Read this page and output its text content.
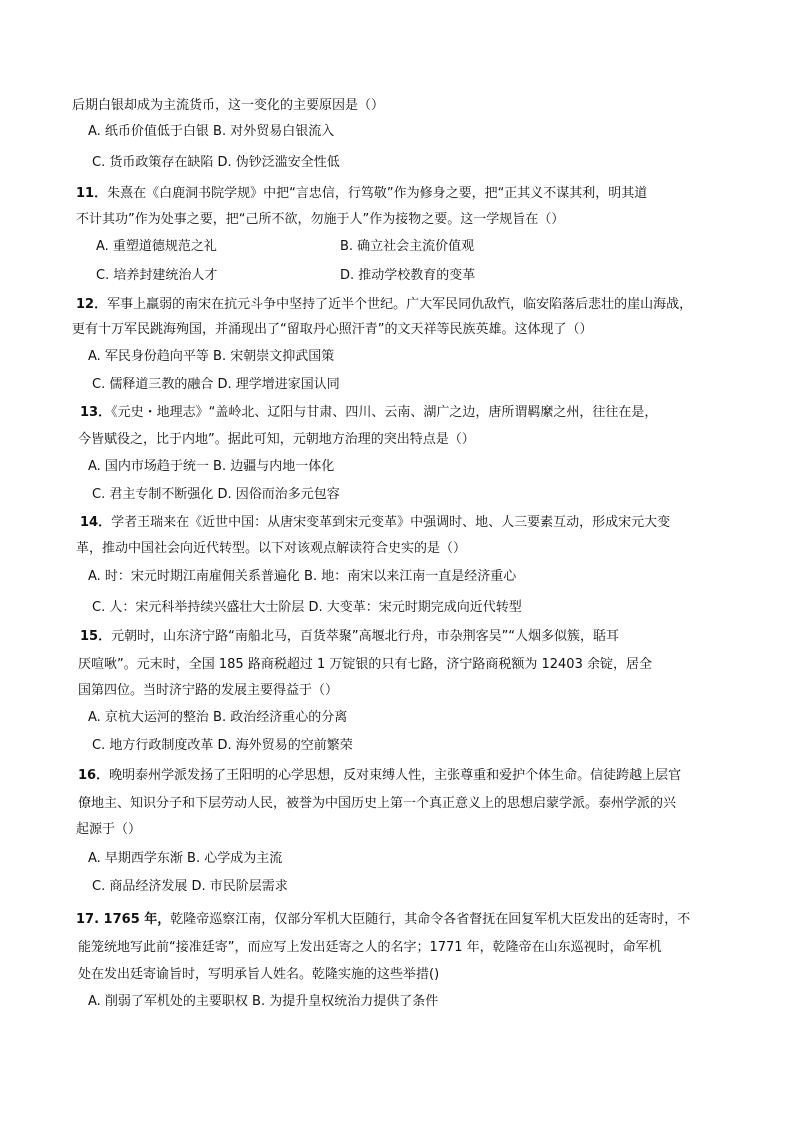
后期白银却成为主流货币，这一变化的主要原因是（）
A. 纸币价值低于白银 B. 对外贸易白银流入
C. 货币政策存在缺陷 D. 伪钞泛滥安全性低
11．朱熹在《白鹿洞书院学规》中把“言忠信，行笃敬”作为修身之要，把“正其义不谋其利，明其道
不计其功”作为处事之要，把“己所不欲，勿施于人”作为接物之要。这一学规旨在（）
A. 重塑道德规范之礼	B. 确立社会主流价值观
C. 培养封建统治人才	D. 推动学校教育的变革
12．军事上羸弱的南宋在抗元斗争中坚持了近半个世纪。广大军民同仇敌忾，临安陷落后悲壮的崖山海战，
更有十万军民跳海殉国，并涌现出了“留取丹心照汗青”的文天祥等民族英雄。这体现了（）
A. 军民身份趋向平等 B. 宋朝崇文抑武国策
C. 儒释道三教的融合 D. 理学增进家国认同
13．《元史・地理志》“盖岭北、辽阳与甘肃、四川、云南、湖广之边，唐所谓羁縻之州，往往在是，
今皆赋役之，比于内地”。据此可知，元朝地方治理的突出特点是（）
A. 国内市场趋于统一 B. 边疆与内地一体化
C. 君主专制不断强化 D. 因俗而治多元包容
14．学者王瑞来在《近世中国：从唐宋变革到宋元变革》中强调时、地、人三要素互动，形成宋元大变
革，推动中国社会向近代转型。以下对该观点解读符合史实的是（）
A. 时：宋元时期江南雇佣关系普遍化 B. 地：南宋以来江南一直是经济重心
C. 人：宋元科举持续兴盛壮大士阶层 D. 大变革：宋元时期完成向近代转型
15．元朝时，山东济宁路“南船北马，百货萃聚”高堰北行舟，市杂荆客吴”“人烟多似簇，聒耳
厌喧啾”。元末时，全国 185 路商税超过 1 万锭银的只有七路，济宁路商税额为 12403 余锭，居全
国第四位。当时济宁路的发展主要得益于（）
A. 京杭大运河的整治 B. 政治经济重心的分离
C. 地方行政制度改革 D. 海外贸易的空前繁荣
16．晚明泰州学派发扬了王阳明的心学思想，反对束缚人性，主张尊重和爱护个体生命。信徒跨越上层官
僚地主、知识分子和下层劳动人民，被誉为中国历史上第一个真正意义上的思想启蒙学派。泰州学派的兴
起源于（）
A. 早期西学东渐 B. 心学成为主流
C. 商品经济发展 D. 市民阶层需求
17. 1765 年，乾隆帝巡察江南，仅部分军机大臣随行，其命令各省督抚在回复军机大臣发出的廷寄时，不
能笼统地写此前“接准廷寄”，而应写上发出廷寄之人的名字；1771 年，乾隆帝在山东巡视时，命军机
处在发出廷寄谕旨时，写明承旨人姓名。乾隆实施的这些举措()
A. 削弱了军机处的主要职权 B. 为提升皇权统治力提供了条件
